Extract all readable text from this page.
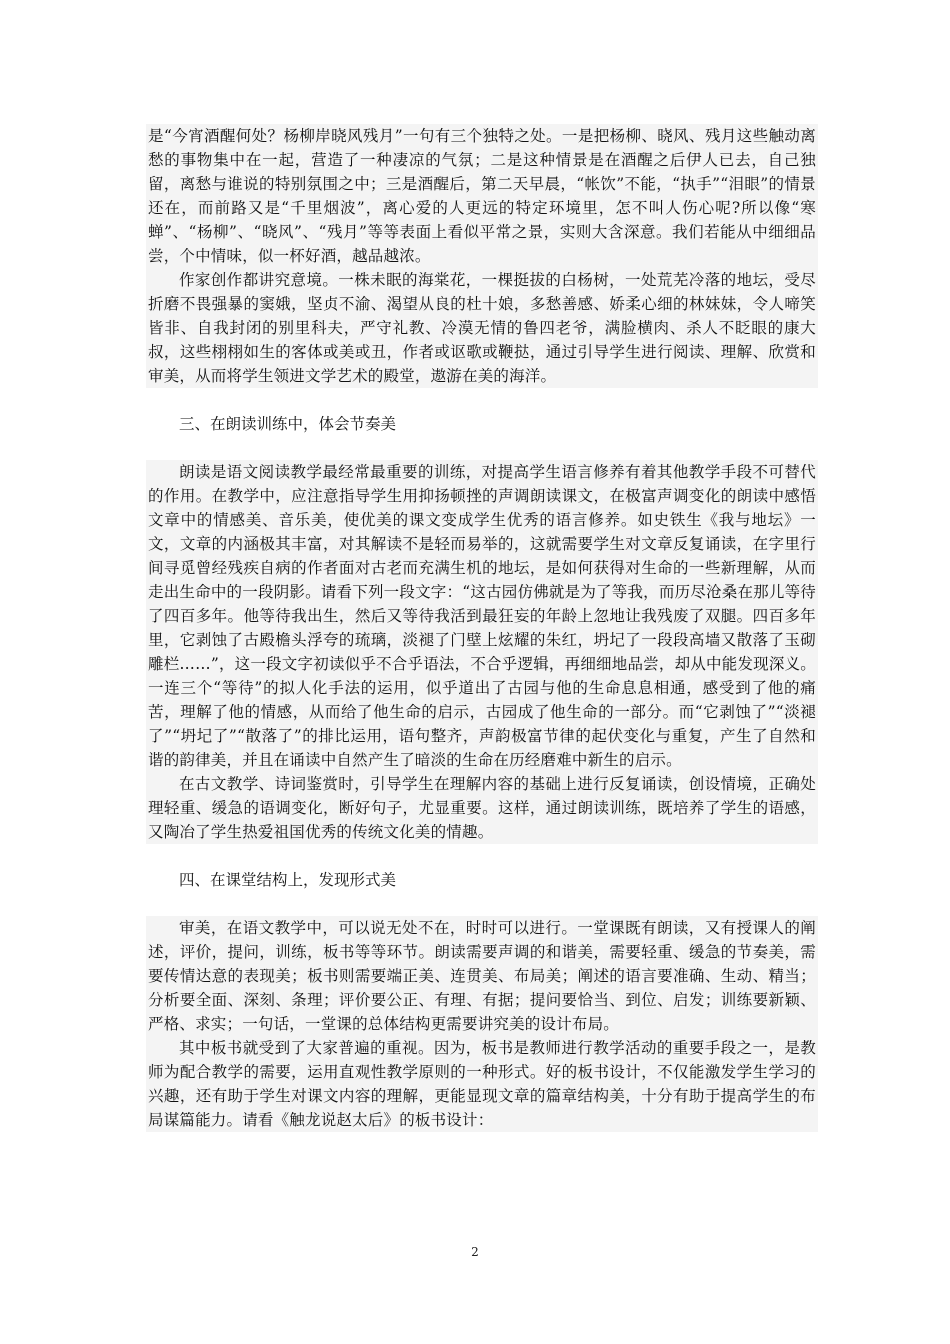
是“今宵酒醒何处？杨柳岸晓风残月”一句有三个独特之处。一是把杨柳、晓风、残月这些触动离愁的事物集中在一起，营造了一种凄凉的气氛；二是这种情景是在酒醒之后伊人已去，自己独留，离愁与谁说的特别氛围之中；三是酒醒后，第二天早晨，“帐饮”不能，“执手”“泪眼”的情景还在，而前路又是“千里烟波”，离心爱的人更远的特定环境里，怎不叫人伤心呢?所以像“寒蝉”、“杨柳”、“晓风”、“残月”等等表面上看似平常之景，实则大含深意。我们若能从中细细品尝，个中情味，似一杯好酒，越品越浓。

作家创作都讲究意境。一株未眠的海棠花，一棵挺拔的白杨树，一处荒芜冷落的地坛，受尽折磨不畏强暴的窦娥，坚贞不渝、渴望从良的杜十娘，多愁善感、娇柔心细的林妹妹，令人啼笑皆非、自我封闭的别里科夫，严守礼教、冷漠无情的鲁四老爷，满脸横肉、杀人不眨眼的康大叔，这些栩栩如生的客体或美或丑，作者或讴歌或鞭挞，通过引导学生进行阅读、理解、欣赏和审美，从而将学生领进文学艺术的殿堂，遨游在美的海洋。

三、在朗读训练中，体会节奏美

朗读是语文阅读教学最经常最重要的训练，对提高学生语言修养有着其他教学手段不可替代的作用。在教学中，应注意指导学生用抑扬顿挫的声调朗读课文，在极富声调变化的朗读中感悟文章中的情感美、音乐美，使优美的课文变成学生优秀的语言修养。如史铁生《我与地坛》一文，文章的内涵极其丰富，对其解读不是轻而易举的，这就需要学生对文章反复诵读，在字里行间寻觅曾经残疾自病的作者面对古老而充满生机的地坛，是如何获得对生命的一些新理解，从而走出生命中的一段阴影。请看下列一段文字：“这古园仿佛就是为了等我，而历尽沧桑在那儿等待了四百多年。他等待我出生，然后又等待我活到最狂妄的年龄上忽地让我残废了双腿。四百多年里，它剥蚀了古殿檐头浮夸的琉璃，淡褪了门壁上炫耀的朱红，坍圮了一段段高墙又散落了玉砌雕栏……”，这一段文字初读似乎不合乎语法，不合乎逻辑，再细细地品尝，却从中能发现深义。一连三个“等待”的拟人化手法的运用，似乎道出了古园与他的生命息息相通，感受到了他的痛苦，理解了他的情感，从而给了他生命的启示，古园成了他生命的一部分。而“它剥蚀了”“淡褪了”“坍圮了”“散落了”的排比运用，语句整齐，声韵极富节律的起伏变化与重复，产生了自然和谐的韵律美，并且在诵读中自然产生了暗淡的生命在历经磨难中新生的启示。

在古文教学、诗词鉴赏时，引导学生在理解内容的基础上进行反复诵读，创设情境，正确处理轻重、缓急的语调变化，断好句子，尤显重要。这样，通过朗读训练，既培养了学生的语感，又陶冶了学生热爱祖国优秀的传统文化美的情趣。

四、在课堂结构上，发现形式美

审美，在语文教学中，可以说无处不在，时时可以进行。一堂课既有朗读，又有授课人的阐述，评价，提问，训练，板书等等环节。朗读需要声调的和谐美，需要轻重、缓急的节奏美，需要传情达意的表现美；板书则需要端正美、连贯美、布局美；阐述的语言要准确、生动、精当；分析要全面、深刻、条理；评价要公正、有理、有据；提问要恰当、到位、启发；训练要新颖、严格、求实；一句话，一堂课的总体结构更需要讲究美的设计布局。

其中板书就受到了大家普遍的重视。因为，板书是教师进行教学活动的重要手段之一，是教师为配合教学的需要，运用直观性教学原则的一种形式。好的板书设计，不仅能激发学生学习的兴趣，还有助于学生对课文内容的理解，更能显现文章的篇章结构美，十分有助于提高学生的布局谋篇能力。请看《触龙说赵太后》的板书设计：

2
